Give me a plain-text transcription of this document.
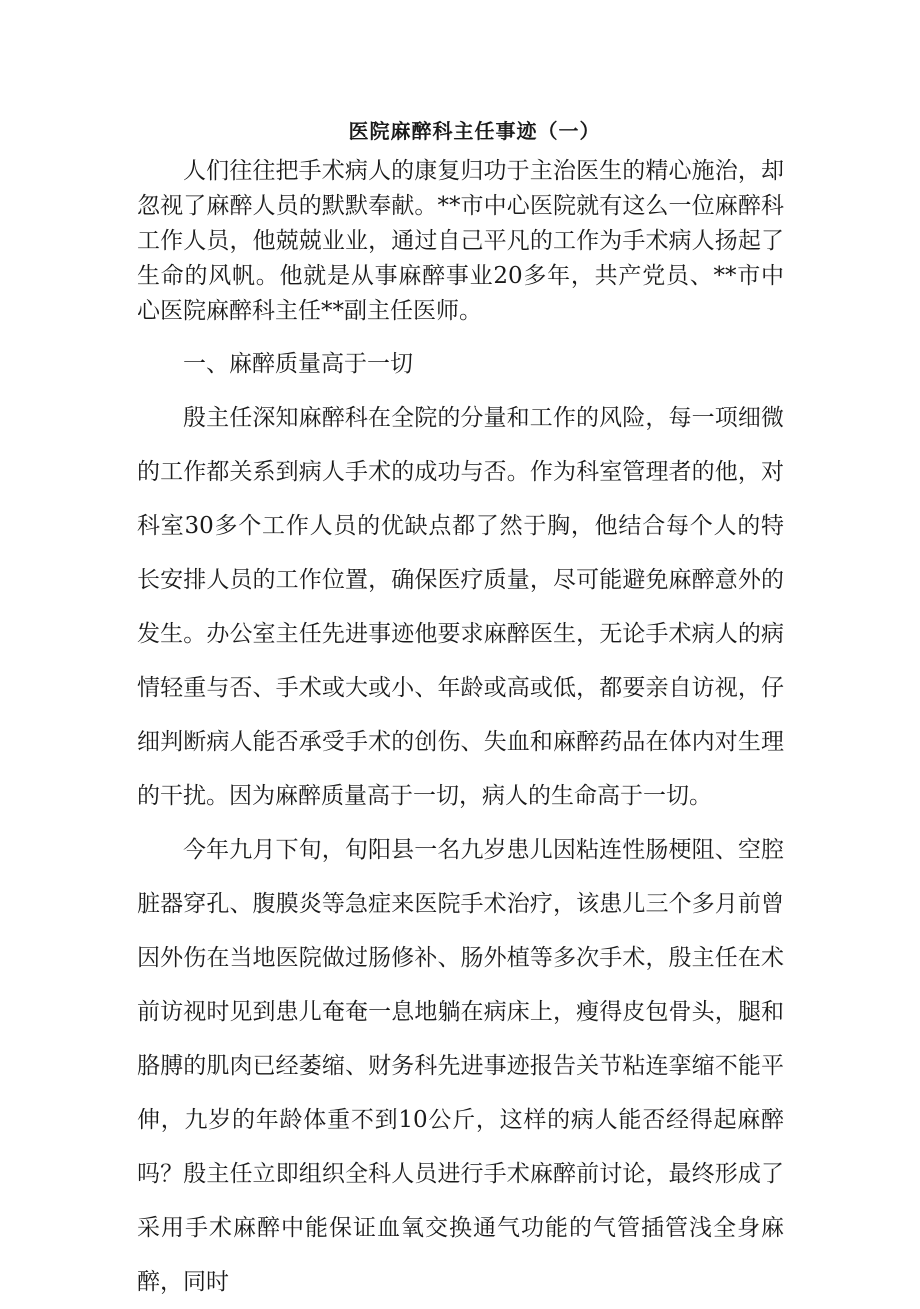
医院麻醉科主任事迹（一）

人们往往把手术病人的康复归功于主治医生的精心施治，却忽视了麻醉人员的默默奉献。**市中心医院就有这么一位麻醉科工作人员，他兢兢业业，通过自己平凡的工作为手术病人扬起了生命的风帆。他就是从事麻醉事业20多年，共产党员、**市中心医院麻醉科主任**副主任医师。

一、麻醉质量高于一切

殷主任深知麻醉科在全院的分量和工作的风险，每一项细微的工作都关系到病人手术的成功与否。作为科室管理者的他，对科室30多个工作人员的优缺点都了然于胸，他结合每个人的特长安排人员的工作位置，确保医疗质量，尽可能避免麻醉意外的发生。办公室主任先进事迹他要求麻醉医生，无论手术病人的病情轻重与否、手术或大或小、年龄或高或低，都要亲自访视，仔细判断病人能否承受手术的创伤、失血和麻醉药品在体内对生理的干扰。因为麻醉质量高于一切，病人的生命高于一切。

今年九月下旬，旬阳县一名九岁患儿因粘连性肠梗阻、空腔脏器穿孔、腹膜炎等急症来医院手术治疗，该患儿三个多月前曾因外伤在当地医院做过肠修补、肠外植等多次手术，殷主任在术前访视时见到患儿奄奄一息地躺在病床上，瘦得皮包骨头，腿和胳膊的肌肉已经萎缩、财务科先进事迹报告关节粘连挛缩不能平伸，九岁的年龄体重不到10公斤，这样的病人能否经得起麻醉吗？殷主任立即组织全科人员进行手术麻醉前讨论，最终形成了采用手术麻醉中能保证血氧交换通气功能的气管插管浅全身麻醉，同时
